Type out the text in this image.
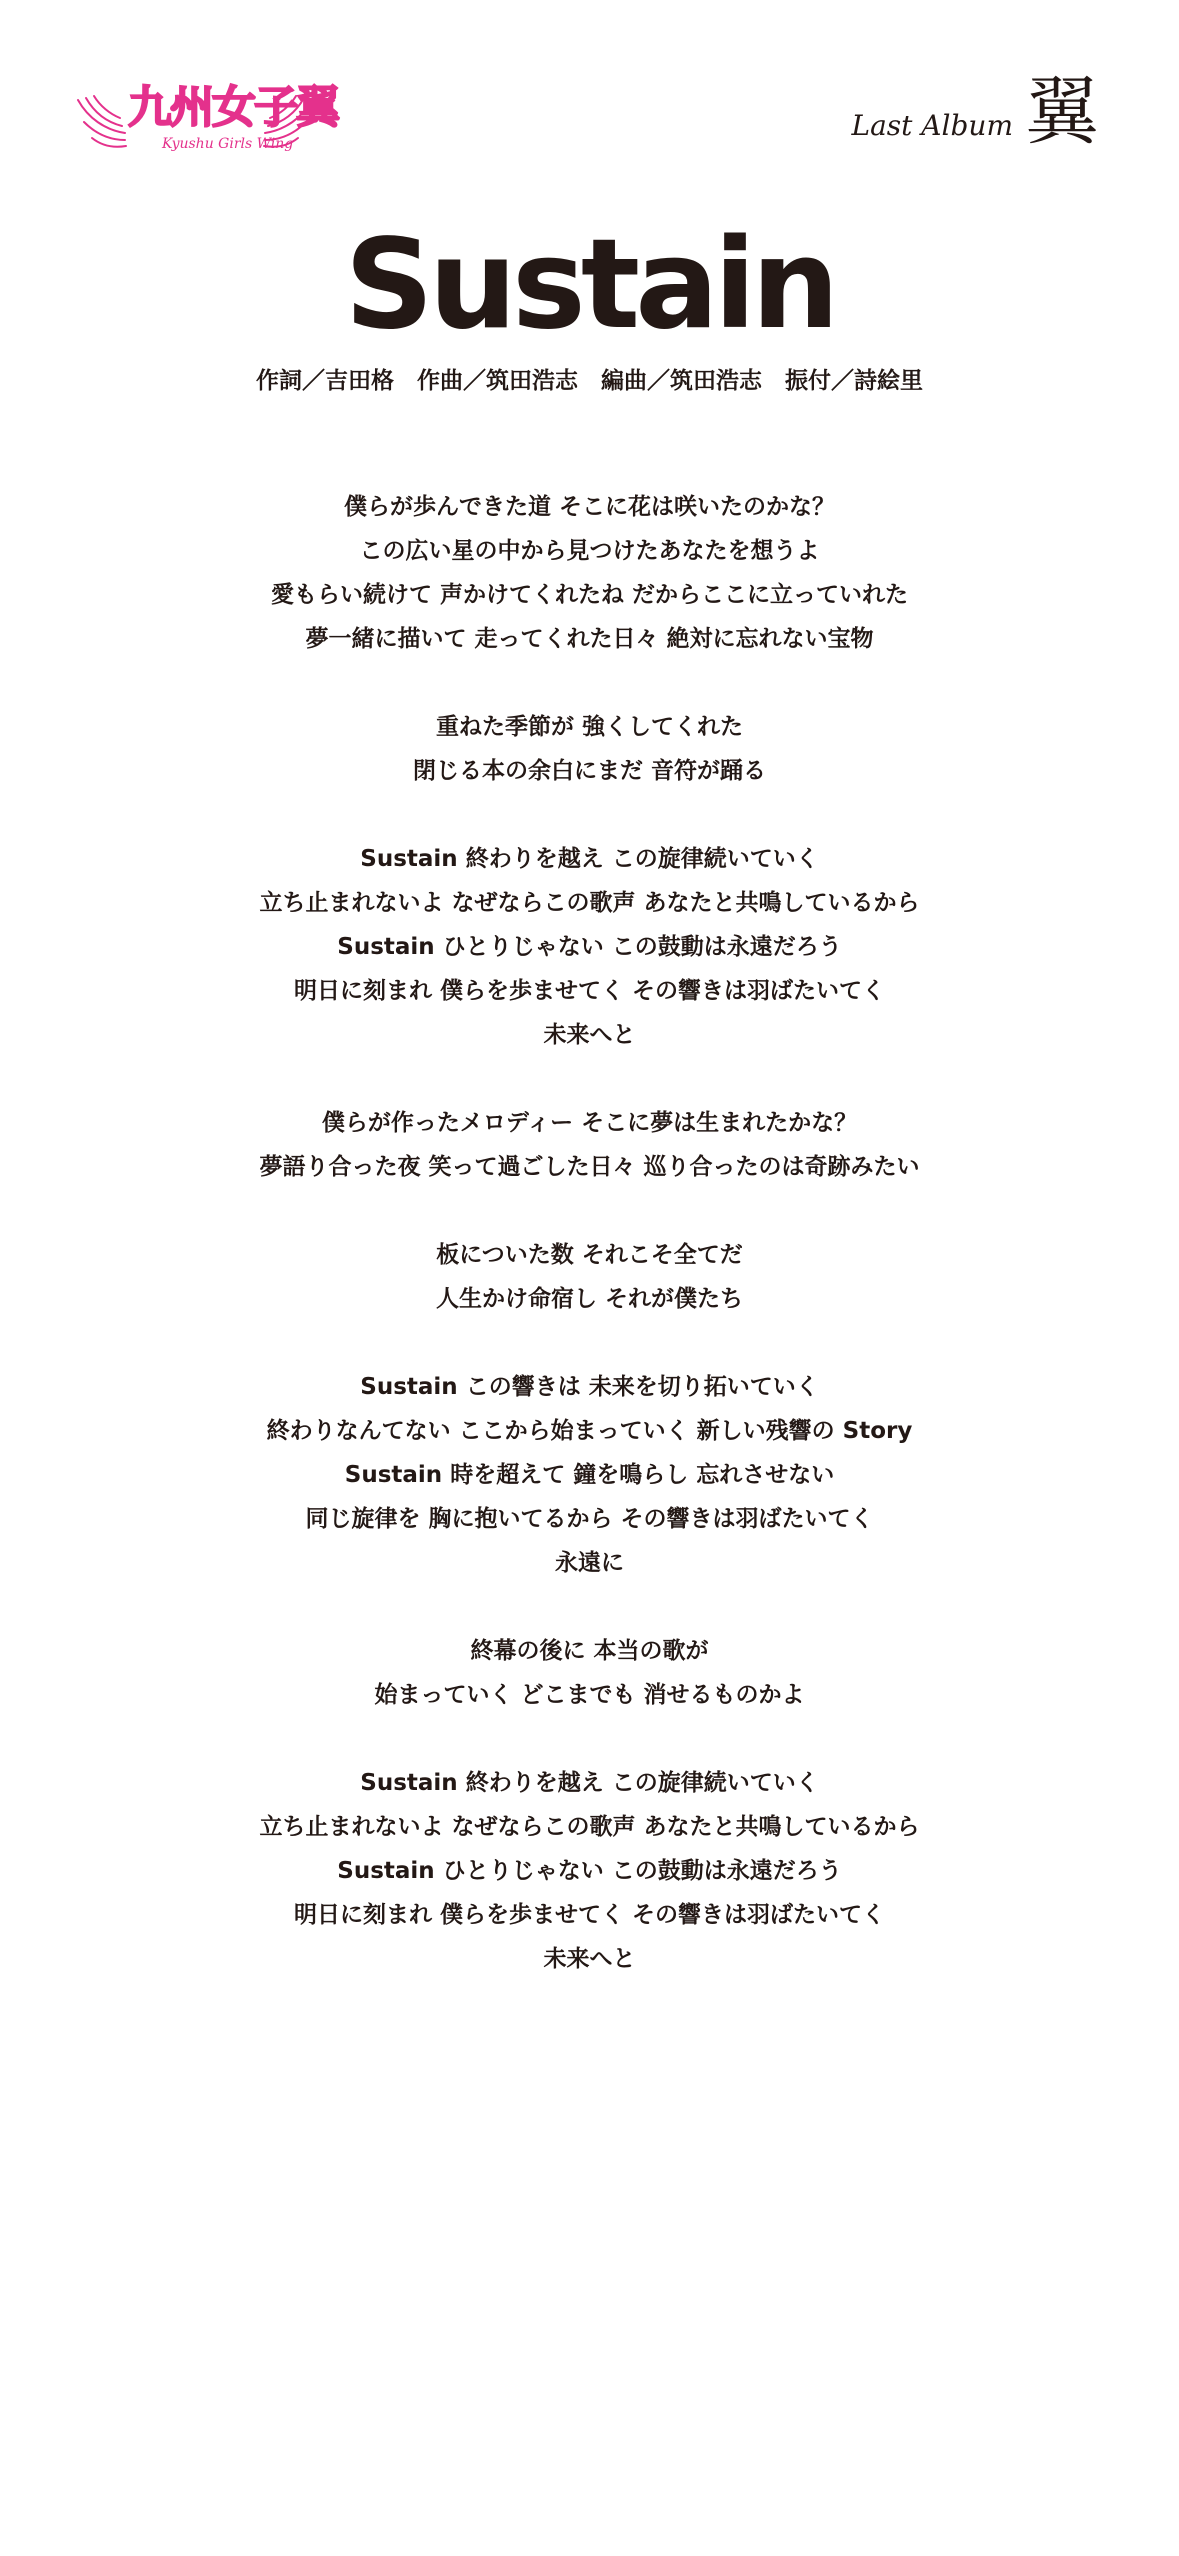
九州女子翼
Kyushu Girls Wing
Last Album 翼
Sustain
作詞／吉田格　作曲／筑田浩志　編曲／筑田浩志　振付／詩絵里
僕らが歩んできた道 そこに花は咲いたのかな？
この広い星の中から見つけたあなたを想うよ
愛もらい続けて 声かけてくれたね だからここに立っていれた
夢一緒に描いて 走ってくれた日々 絶対に忘れない宝物
重ねた季節が 強くしてくれた
閉じる本の余白にまだ 音符が踊る
Sustain 終わりを越え この旋律続いていく
立ち止まれないよ なぜならこの歌声 あなたと共鳴しているから
Sustain ひとりじゃない この鼓動は永遠だろう
明日に刻まれ 僕らを歩ませてく その響きは羽ばたいてく
未来へと
僕らが作ったメロディー そこに夢は生まれたかな？
夢語り合った夜 笑って過ごした日々 巡り合ったのは奇跡みたい
板についた数 それこそ全てだ
人生かけ命宿し それが僕たち
Sustain この響きは 未来を切り拓いていく
終わりなんてない ここから始まっていく 新しい残響の Story
Sustain 時を超えて 鐘を鳴らし 忘れさせない
同じ旋律を 胸に抱いてるから その響きは羽ばたいてく
永遠に
終幕の後に 本当の歌が
始まっていく どこまでも 消せるものかよ
Sustain 終わりを越え この旋律続いていく
立ち止まれないよ なぜならこの歌声 あなたと共鳴しているから
Sustain ひとりじゃない この鼓動は永遠だろう
明日に刻まれ 僕らを歩ませてく その響きは羽ばたいてく
未来へと
